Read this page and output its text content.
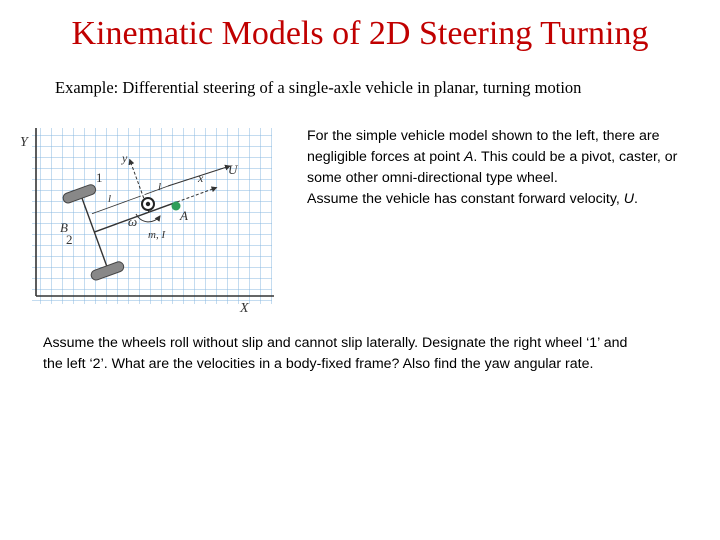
Kinematic Models of 2D Steering Turning
Example: Differential steering of a single-axle vehicle in planar, turning motion
Y
X
y
x
U
A
B
1
2
ω
l
l
m, I

For the simple vehicle model shown to the left, there are negligible forces at point A. This could be a pivot, caster, or some other omni-directional type wheel.

Assume the vehicle has constant forward velocity, U.

Assume the wheels roll without slip and cannot slip laterally. Designate the right wheel ‘1’ and the left ‘2’. What are the velocities in a body-fixed frame? Also find the yaw angular rate.
